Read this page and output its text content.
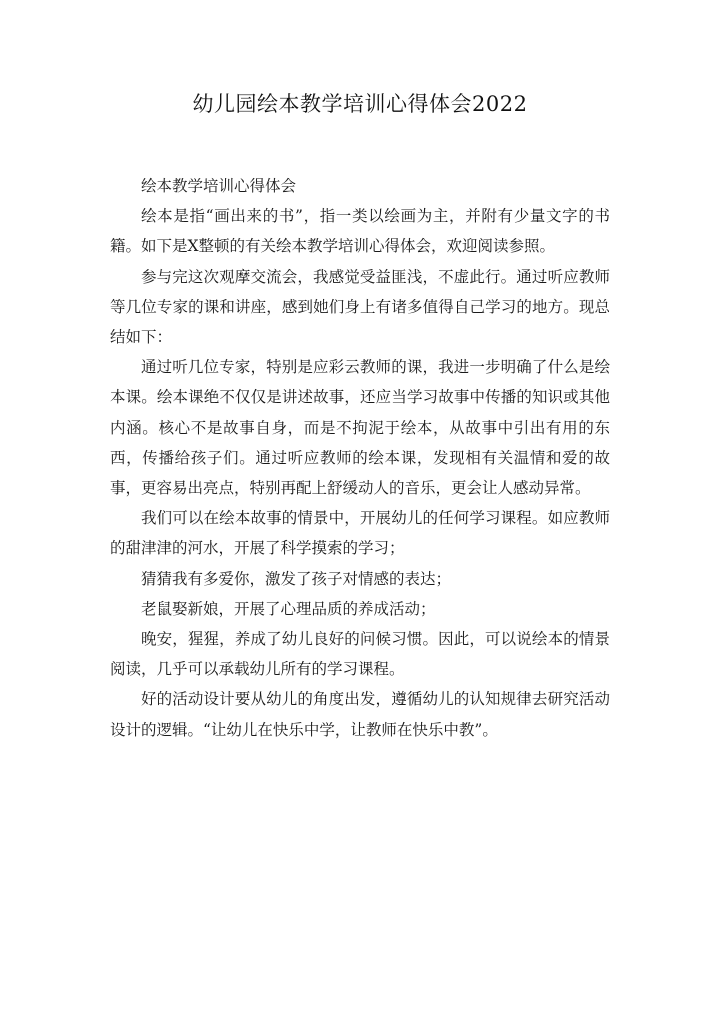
幼儿园绘本教学培训心得体会2022

绘本教学培训心得体会

绘本是指“画出来的书”，指一类以绘画为主，并附有少量文字的书籍。如下是X整顿的有关绘本教学培训心得体会，欢迎阅读参照。

参与完这次观摩交流会，我感觉受益匪浅，不虚此行。通过听应教师等几位专家的课和讲座，感到她们身上有诸多值得自己学习的地方。现总结如下：

通过听几位专家，特别是应彩云教师的课，我进一步明确了什么是绘本课。绘本课绝不仅仅是讲述故事，还应当学习故事中传播的知识或其他内涵。核心不是故事自身，而是不拘泥于绘本，从故事中引出有用的东西，传播给孩子们。通过听应教师的绘本课，发现相有关温情和爱的故事，更容易出亮点，特别再配上舒缓动人的音乐，更会让人感动异常。

我们可以在绘本故事的情景中，开展幼儿的任何学习课程。如应教师的甜津津的河水，开展了科学摸索的学习；

猜猜我有多爱你，激发了孩子对情感的表达；

老鼠娶新娘，开展了心理品质的养成活动；

晚安，猩猩，养成了幼儿良好的问候习惯。因此，可以说绘本的情景阅读，几乎可以承载幼儿所有的学习课程。

好的活动设计要从幼儿的角度出发，遵循幼儿的认知规律去研究活动设计的逻辑。“让幼儿在快乐中学，让教师在快乐中教”。
